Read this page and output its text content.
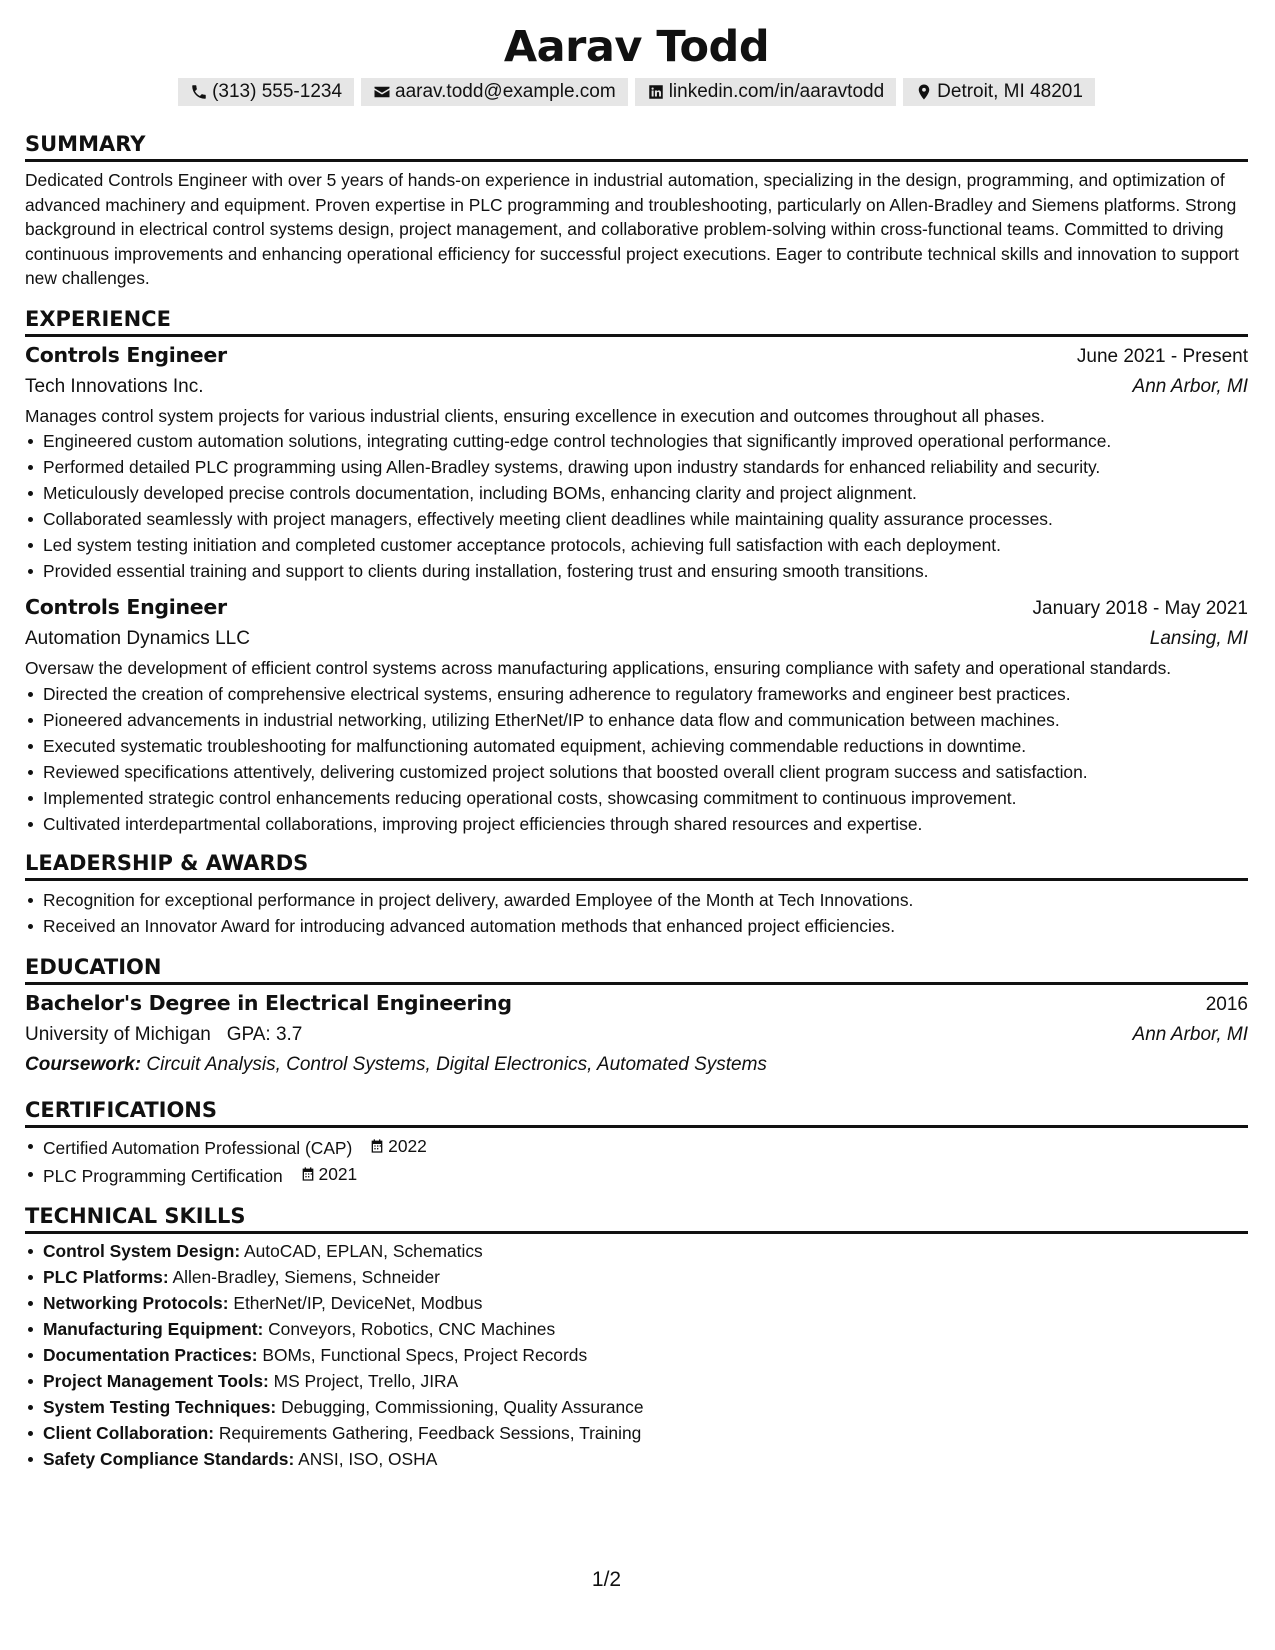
Aarav Todd
(313) 555-1234	aarav.todd@example.com	linkedin.com/in/aaravtodd	Detroit, MI 48201
SUMMARY

Dedicated Controls Engineer with over 5 years of hands-on experience in industrial automation, specializing in the design, programming, and optimization of advanced machinery and equipment. Proven expertise in PLC programming and troubleshooting, particularly on Allen-Bradley and Siemens platforms. Strong background in electrical control systems design, project management, and collaborative problem-solving within cross-functional teams. Committed to driving continuous improvements and enhancing operational efficiency for successful project executions. Eager to contribute technical skills and innovation to support new challenges.

EXPERIENCE
Controls Engineer	June 2021 - Present
Tech Innovations Inc.	Ann Arbor, MI

Manages control system projects for various industrial clients, ensuring excellence in execution and outcomes throughout all phases.

Engineered custom automation solutions, integrating cutting-edge control technologies that significantly improved operational performance.
Performed detailed PLC programming using Allen-Bradley systems, drawing upon industry standards for enhanced reliability and security.
Meticulously developed precise controls documentation, including BOMs, enhancing clarity and project alignment.
Collaborated seamlessly with project managers, effectively meeting client deadlines while maintaining quality assurance processes.
Led system testing initiation and completed customer acceptance protocols, achieving full satisfaction with each deployment.
Provided essential training and support to clients during installation, fostering trust and ensuring smooth transitions.
Controls Engineer	January 2018 - May 2021
Automation Dynamics LLC	Lansing, MI

Oversaw the development of efficient control systems across manufacturing applications, ensuring compliance with safety and operational standards.

Directed the creation of comprehensive electrical systems, ensuring adherence to regulatory frameworks and engineer best practices.
Pioneered advancements in industrial networking, utilizing EtherNet/IP to enhance data flow and communication between machines.
Executed systematic troubleshooting for malfunctioning automated equipment, achieving commendable reductions in downtime.
Reviewed specifications attentively, delivering customized project solutions that boosted overall client program success and satisfaction.
Implemented strategic control enhancements reducing operational costs, showcasing commitment to continuous improvement.
Cultivated interdepartmental collaborations, improving project efficiencies through shared resources and expertise.
LEADERSHIP & AWARDS
Recognition for exceptional performance in project delivery, awarded Employee of the Month at Tech Innovations.
Received an Innovator Award for introducing advanced automation methods that enhanced project efficiencies.
EDUCATION
Bachelor's Degree in Electrical Engineering	2016
University of Michigan GPA: 3.7	Ann Arbor, MI
Coursework: Circuit Analysis, Control Systems, Digital Electronics, Automated Systems
CERTIFICATIONS
Certified Automation Professional (CAP) 2022
PLC Programming Certification 2021
TECHNICAL SKILLS
Control System Design: AutoCAD, EPLAN, Schematics
PLC Platforms: Allen-Bradley, Siemens, Schneider
Networking Protocols: EtherNet/IP, DeviceNet, Modbus
Manufacturing Equipment: Conveyors, Robotics, CNC Machines
Documentation Practices: BOMs, Functional Specs, Project Records
Project Management Tools: MS Project, Trello, JIRA
System Testing Techniques: Debugging, Commissioning, Quality Assurance
Client Collaboration: Requirements Gathering, Feedback Sessions, Training
Safety Compliance Standards: ANSI, ISO, OSHA
1/2
